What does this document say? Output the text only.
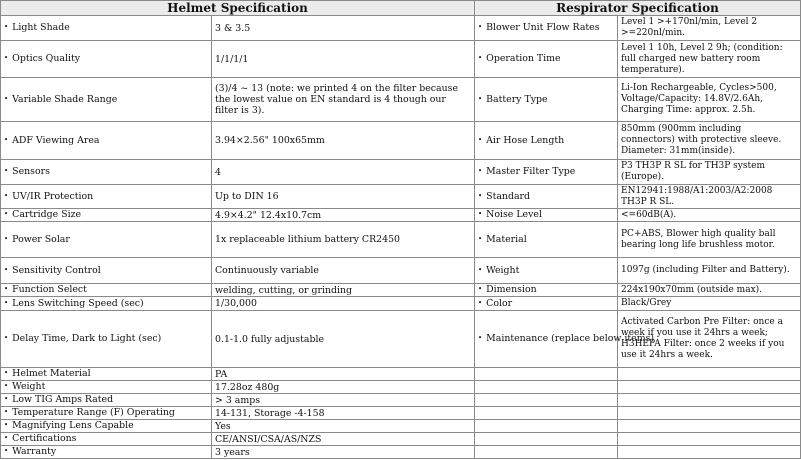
Helmet Specification		Respirator Specification	
• Light Shade	3 & 3.5	• Blower Unit Flow Rates	Level 1 >+170nl/min, Level 2 >=220nl/min.
• Optics Quality	1/1/1/1	• Operation Time	Level 1 10h, Level 2 9h; (condition: full charged new battery room temperature).
• Variable Shade Range	(3)/4 ~ 13 (note: we printed 4 on the filter because the lowest value on EN standard is 4 though our filter is 3).	• Battery Type	Li-Ion Rechargeable, Cycles>500, Voltage/Capacity: 14.8V/2.6Ah, Charging Time: approx. 2.5h.
• ADF Viewing Area	3.94×2.56" 100x65mm	• Air Hose Length	850mm (900mm including connectors) with protective sleeve. Diameter: 31mm(inside).
• Sensors	4	• Master Filter Type	P3 TH3P R SL for TH3P system (Europe).
• UV/IR Protection	Up to DIN 16	• Standard	EN12941:1988/A1:2003/A2:2008 TH3P R SL.
• Cartridge Size	4.9×4.2" 12.4x10.7cm	• Noise Level	<=60dB(A).
• Power Solar	1x replaceable lithium battery CR2450	• Material	PC+ABS, Blower high quality ball bearing long life brushless motor.
• Sensitivity Control	Continuously variable	• Weight	1097g (including Filter and Battery).
• Function Select	welding, cutting, or grinding	• Dimension	224x190x70mm (outside max).
• Lens Switching Speed (sec)	1/30,000	• Color	Black/Grey
• Delay Time, Dark to Light (sec)	0.1-1.0 fully adjustable	• Maintenance (replace below items)	Activated Carbon Pre Filter: once a week if you use it 24hrs a week; H3HEPA Filter: once 2 weeks if you use it 24hrs a week.
• Helmet Material	PA		
• Weight	17.28oz 480g		
• Low TIG Amps Rated	> 3 amps		
• Temperature Range (F) Operating	14-131, Storage -4-158		
• Magnifying Lens Capable	Yes		
• Certifications	CE/ANSI/CSA/AS/NZS		
• Warranty	3 years		
